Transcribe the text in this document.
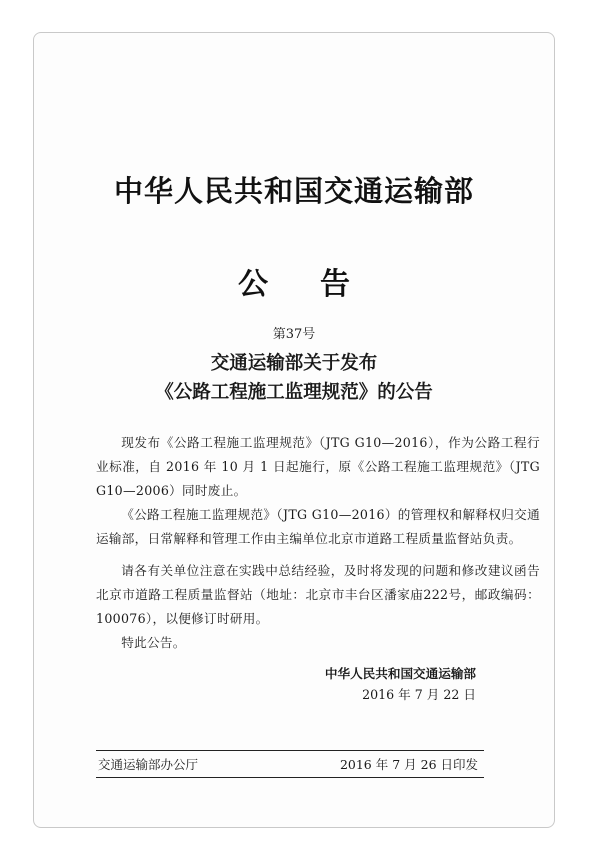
中华人民共和国交通运输部
公告
第37号
交通运输部关于发布
《公路工程施工监理规范》的公告

现发布《公路工程施工监理规范》（JTG G10—2016），作为公路工程行业标准，自 2016 年 10 月 1 日起施行，原《公路工程施工监理规范》（JTG G10—2006）同时废止。

《公路工程施工监理规范》（JTG G10—2016）的管理权和解释权归交通运输部，日常解释和管理工作由主编单位北京市道路工程质量监督站负责。

请各有关单位注意在实践中总结经验，及时将发现的问题和修改建议函告北京市道路工程质量监督站（地址：北京市丰台区潘家庙222号，邮政编码：100076），以便修订时研用。

特此公告。

中华人民共和国交通运输部
2016 年 7 月 22 日
交通运输部办公厅	2016 年 7 月 26 日印发
